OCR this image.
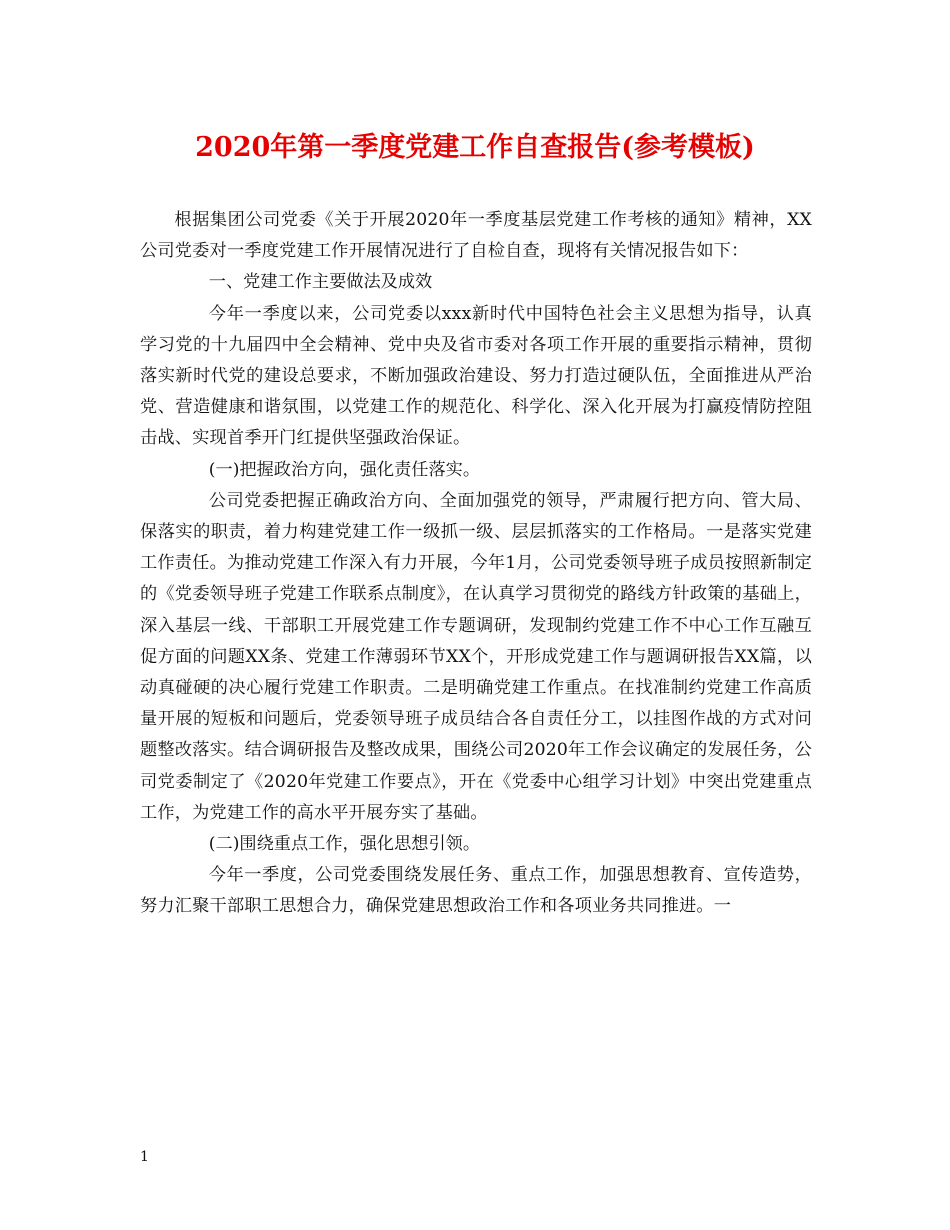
2020年第一季度党建工作自查报告(参考模板)

根据集团公司党委《关于开展2020年一季度基层党建工作考核的通知》精神，XX公司党委对一季度党建工作开展情况进行了自检自查，现将有关情况报告如下：

一、党建工作主要做法及成效

今年一季度以来，公司党委以xxx新时代中国特色社会主义思想为指导，认真学习党的十九届四中全会精神、党中央及省市委对各项工作开展的重要指示精神，贯彻落实新时代党的建设总要求，不断加强政治建设、努力打造过硬队伍，全面推进从严治党、营造健康和谐氛围，以党建工作的规范化、科学化、深入化开展为打赢疫情防控阻击战、实现首季开门红提供坚强政治保证。

(一)把握政治方向，强化责任落实。

公司党委把握正确政治方向、全面加强党的领导，严肃履行把方向、管大局、保落实的职责，着力构建党建工作一级抓一级、层层抓落实的工作格局。一是落实党建工作责任。为推动党建工作深入有力开展，今年1月，公司党委领导班子成员按照新制定的《党委领导班子党建工作联系点制度》，在认真学习贯彻党的路线方针政策的基础上，深入基层一线、干部职工开展党建工作专题调研，发现制约党建工作不中心工作互融互促方面的问题XX条、党建工作薄弱环节XX个，开形成党建工作与题调研报告XX篇，以动真碰硬的决心履行党建工作职责。二是明确党建工作重点。在找准制约党建工作高质量开展的短板和问题后，党委领导班子成员结合各自责任分工，以挂图作战的方式对问题整改落实。结合调研报告及整改成果，围绕公司2020年工作会议确定的发展任务，公司党委制定了《2020年党建工作要点》，开在《党委中心组学习计划》中突出党建重点工作，为党建工作的高水平开展夯实了基础。

(二)围绕重点工作，强化思想引领。

今年一季度，公司党委围绕发展任务、重点工作，加强思想教育、宣传造势，努力汇聚干部职工思想合力，确保党建思想政治工作和各项业务共同推进。一

1
